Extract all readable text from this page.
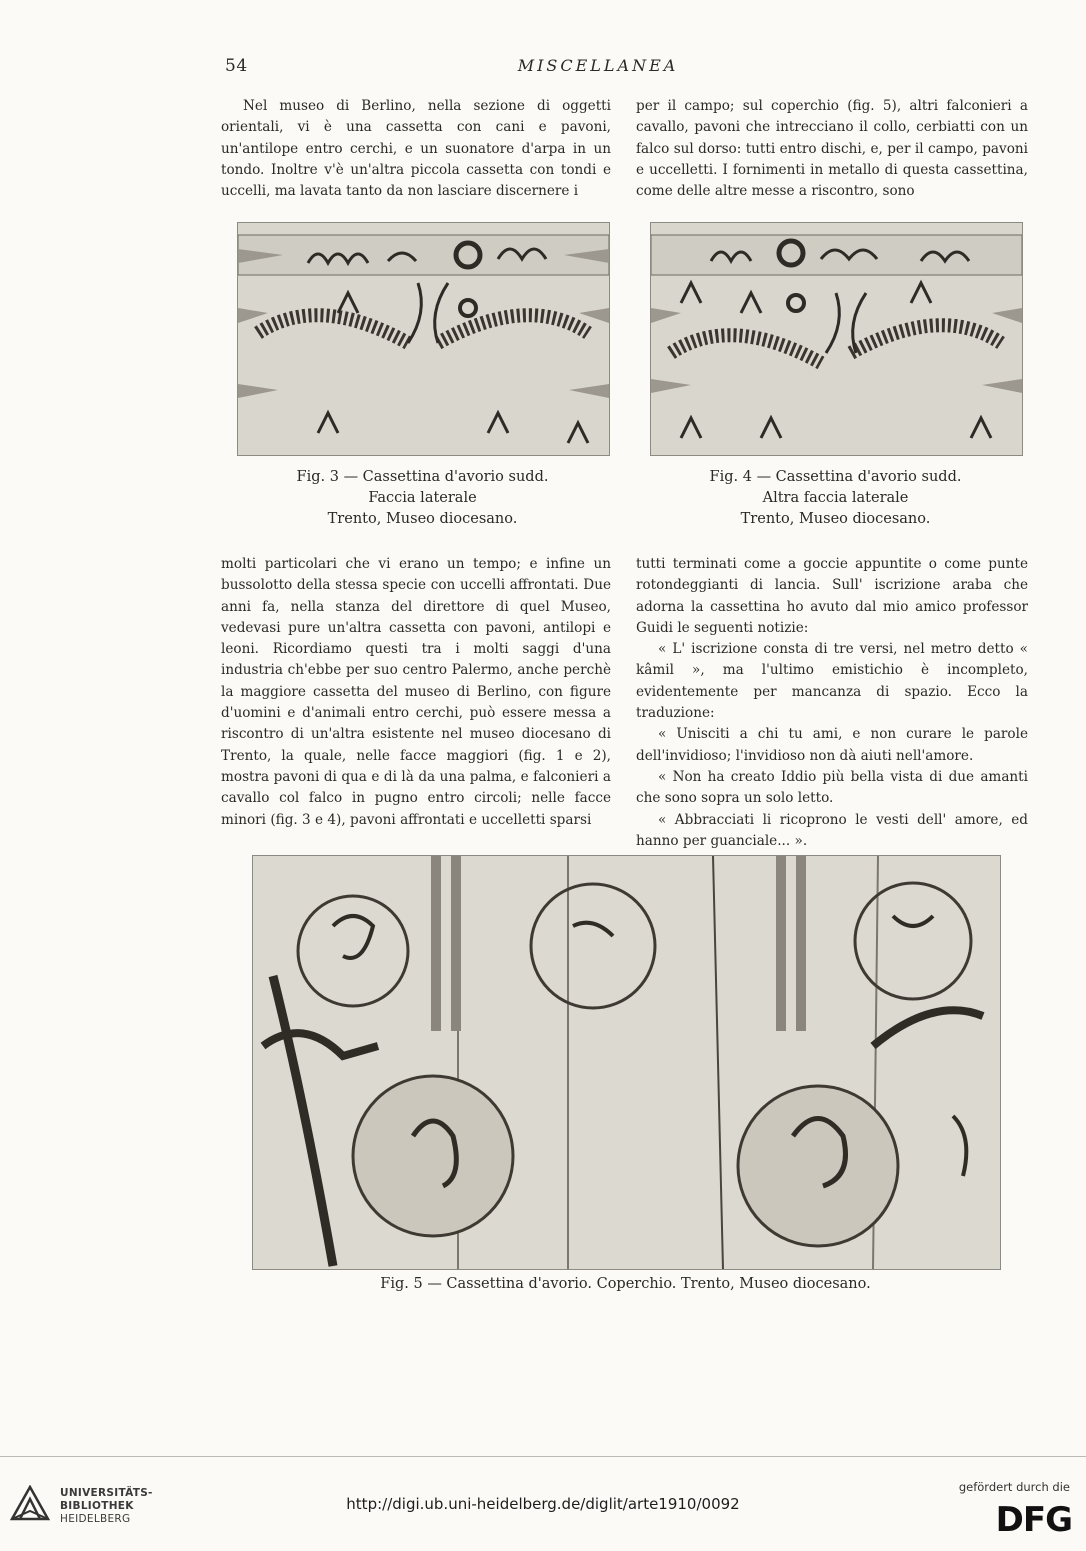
54	MISCELLANEA

Nel museo di Berlino, nella sezione di oggetti orientali, vi è una cassetta con cani e pavoni, un'antilope entro cerchi, e un suonatore d'arpa in un tondo. Inoltre v'è un'altra piccola cassetta con tondi e uccelli, ma lavata tanto da non lasciare discernere i

per il campo; sul coperchio (fig. 5), altri falconieri a cavallo, pavoni che intrecciano il collo, cerbiatti con un falco sul dorso: tutti entro dischi, e, per il campo, pavoni e uccelletti. I fornimenti in metallo di questa cassettina, come delle altre messe a riscontro, sono

Fig. 3 — Cassettina d'avorio sudd.
Faccia laterale
Trento, Museo diocesano.
Fig. 4 — Cassettina d'avorio sudd.
Altra faccia laterale
Trento, Museo diocesano.

molti particolari che vi erano un tempo; e infine un bussolotto della stessa specie con uccelli affrontati. Due anni fa, nella stanza del direttore di quel Museo, vedevasi pure un'altra cassetta con pavoni, antilopi e leoni. Ricordiamo questi tra i molti saggi d'una industria ch'ebbe per suo centro Palermo, anche perchè la maggiore cassetta del museo di Berlino, con figure d'uomini e d'animali entro cerchi, può essere messa a riscontro di un'altra esistente nel museo diocesano di Trento, la quale, nelle facce maggiori (fig. 1 e 2), mostra pavoni di qua e di là da una palma, e falconieri a cavallo col falco in pugno entro circoli; nelle facce minori (fig. 3 e 4), pavoni affrontati e uccelletti sparsi

tutti terminati come a goccie appuntite o come punte rotondeggianti di lancia. Sull' iscrizione araba che adorna la cassettina ho avuto dal mio amico professor Guidi le seguenti notizie:

« L' iscrizione consta di tre versi, nel metro detto « kâmil », ma l'ultimo emistichio è incompleto, evidentemente per mancanza di spazio. Ecco la traduzione:

« Unisciti a chi tu ami, e non curare le parole dell'invidioso; l'invidioso non dà aiuti nell'amore.

« Non ha creato Iddio più bella vista di due amanti che sono sopra un solo letto.

« Abbracciati li ricoprono le vesti dell' amore, ed hanno per guanciale... ».

Fig. 5 — Cassettina d'avorio. Coperchio. Trento, Museo diocesano.
UNIVERSITÄTS-
BIBLIOTHEK
HEIDELBERG
http://digi.ub.uni-heidelberg.de/diglit/arte1910/0092
gefördert durch die
DFG
